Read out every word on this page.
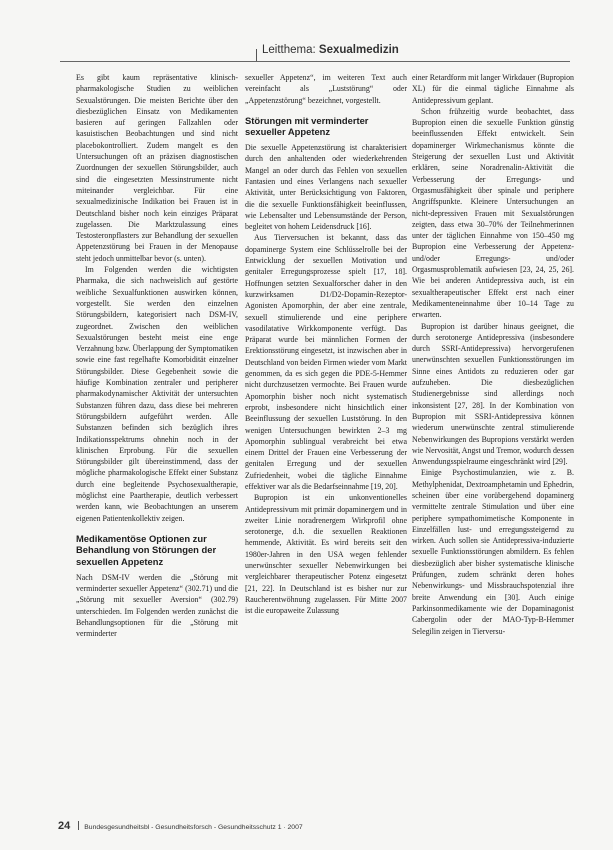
Leitthema: Sexualmedizin

Es gibt kaum repräsentative klinisch-pharmakologische Studien zu weiblichen Sexualstörungen. Die meisten Berichte über den diesbezüglichen Einsatz von Medikamenten basieren auf geringen Fallzahlen oder kasuistischen Beobachtungen und sind nicht placebokontrolliert. Zudem mangelt es den Untersuchungen oft an präzisen diagnostischen Zuordnungen der sexuellen Störungsbilder, auch sind die eingesetzten Messinstrumente nicht miteinander vergleichbar. Für eine sexualmedizinische Indikation bei Frauen ist in Deutschland bisher noch kein einziges Präparat zugelassen. Die Marktzulassung eines Testosteronpflasters zur Behandlung der sexuellen Appetenzstörung bei Frauen in der Menopause steht jedoch unmittelbar bevor (s. unten).

Im Folgenden werden die wichtigsten Pharmaka, die sich nachweislich auf gestörte weibliche Sexualfunktionen auswirken können, vorgestellt. Sie werden den einzelnen Störungsbildern, kategorisiert nach DSM-IV, zugeordnet. Zwischen den weiblichen Sexualstörungen besteht meist eine enge Verzahnung bzw. Überlappung der Symptomatiken sowie eine fast regelhafte Komorbidität einzelner Störungsbilder. Diese Gegebenheit sowie die häufige Kombination zentraler und peripherer pharmakodynamischer Aktivität der untersuchten Substanzen führen dazu, dass diese bei mehreren Störungsbildern aufgeführt werden. Alle Substanzen befinden sich bezüglich ihres Indikationsspektrums ohnehin noch in der klinischen Erprobung. Für die sexuellen Störungsbilder gilt übereinstimmend, dass der mögliche pharmakologische Effekt einer Substanz durch eine begleitende Psychosexualtherapie, möglichst eine Paartherapie, deutlich verbessert werden kann, wie Beobachtungen an unserem eigenen Patientenkollektiv zeigen.

Medikamentöse Optionen zur Behandlung von Störungen der sexuellen Appetenz

Nach DSM-IV werden die „Störung mit verminderter sexueller Appetenz“ (302.71) und die „Störung mit sexueller Aversion“ (302.79) unterschieden. Im Folgenden werden zunächst die Behandlungsoptionen für die „Störung mit verminderter

sexueller Appetenz“, im weiteren Text auch vereinfacht als „Luststörung“ oder „Appetenzstörung“ bezeichnet, vorgestellt.

Störungen mit verminderter sexueller Appetenz

Die sexuelle Appetenzstörung ist charakterisiert durch den anhaltenden oder wiederkehrenden Mangel an oder durch das Fehlen von sexuellen Fantasien und eines Verlangens nach sexueller Aktivität, unter Berücksichtigung von Faktoren, die die sexuelle Funktionsfähigkeit beeinflussen, wie Lebensalter und Lebensumstände der Person, begleitet von hohem Leidensdruck [16].

Aus Tierversuchen ist bekannt, dass das dopaminerge System eine Schlüsselrolle bei der Entwicklung der sexuellen Motivation und genitaler Erregungsprozesse spielt [17, 18]. Hoffnungen setzten Sexualforscher daher in den kurzwirksamen D1/D2-Dopamin-Rezeptor-Agonisten Apomorphin, der aber eine zentrale, sexuell stimulierende und eine periphere vasodilatative Wirkkomponente verfügt. Das Präparat wurde bei männlichen Formen der Erektionsstörung eingesetzt, ist inzwischen aber in Deutschland von beiden Firmen wieder vom Markt genommen, da es sich gegen die PDE-5-Hemmer nicht durchzusetzen vermochte. Bei Frauen wurde Apomorphin bisher noch nicht systematisch erprobt, insbesondere nicht hinsichtlich einer Beeinflussung der sexuellen Luststörung. In den wenigen Untersuchungen bewirkten 2–3 mg Apomorphin sublingual verabreicht bei etwa einem Drittel der Frauen eine Verbesserung der genitalen Erregung und der sexuellen Zufriedenheit, wobei die tägliche Einnahme effektiver war als die Bedarfseinnahme [19, 20].

Bupropion ist ein unkonventionelles Antidepressivum mit primär dopaminergem und in zweiter Linie noradrenergem Wirkprofil ohne serotonerge, d.h. die sexuellen Reaktionen hemmende, Aktivität. Es wird bereits seit den 1980er-Jahren in den USA wegen fehlender unerwünschter sexueller Nebenwirkungen bei vergleichbarer therapeutischer Potenz eingesetzt [21, 22]. In Deutschland ist es bisher nur zur Raucherentwöhnung zugelassen. Für Mitte 2007 ist die europaweite Zulassung

einer Retardform mit langer Wirkdauer (Bupropion XL) für die einmal tägliche Einnahme als Antidepressivum geplant.

Schon frühzeitig wurde beobachtet, dass Bupropion einen die sexuelle Funktion günstig beeinflussenden Effekt entwickelt. Sein dopaminerger Wirkmechanismus könnte die Steigerung der sexuellen Lust und Aktivität erklären, seine Noradrenalin-Aktivität die Verbesserung der Erregungs- und Orgasmusfähigkeit über spinale und periphere Angriffspunkte. Kleinere Untersuchungen an nicht-depressiven Frauen mit Sexualstörungen zeigten, dass etwa 30–70% der Teilnehmerinnen unter der täglichen Einnahme von 150–450 mg Bupropion eine Verbesserung der Appetenz- und/oder Erregungs- und/oder Orgasmusproblematik aufwiesen [23, 24, 25, 26]. Wie bei anderen Antidepressiva auch, ist ein sexualtherapeutischer Effekt erst nach einer Medikamenteneinnahme über 10–14 Tage zu erwarten.

Bupropion ist darüber hinaus geeignet, die durch serotonerge Antidepressiva (insbesondere durch SSRI-Antidepressiva) hervorgerufenen unerwünschten sexuellen Funktionsstörungen im Sinne eines Antidots zu reduzieren oder gar aufzuheben. Die diesbezüglichen Studienergebnisse sind allerdings noch inkonsistent [27, 28]. In der Kombination von Bupropion mit SSRI-Antidepressiva können wiederum unerwünschte zentral stimulierende Nebenwirkungen des Bupropions verstärkt werden wie Nervosität, Angst und Tremor, wodurch dessen Anwendungsspielraume eingeschränkt wird [29].

Einige Psychostimulanzien, wie z. B. Methylphenidat, Dextroamphetamin und Ephedrin, scheinen über eine vorübergehend dopaminerg vermittelte zentrale Stimulation und über eine periphere sympathomimetische Komponente in Einzelfällen lust- und erregungssteigernd zu wirken. Auch sollen sie Antidepressiva-induzierte sexuelle Funktionsstörungen abmildern. Es fehlen diesbezüglich aber bisher systematische klinische Prüfungen, zudem schränkt deren hohes Nebenwirkungs- und Missbrauchspotenzial ihre breite Anwendung ein [30]. Auch einige Parkinsonmedikamente wie der Dopaminagonist Cabergolin oder der MAO-Typ-B-Hemmer Selegilin zeigen in Tierversu-

24 Bundesgesundheitsbl - Gesundheitsforsch - Gesundheitsschutz 1 · 2007
